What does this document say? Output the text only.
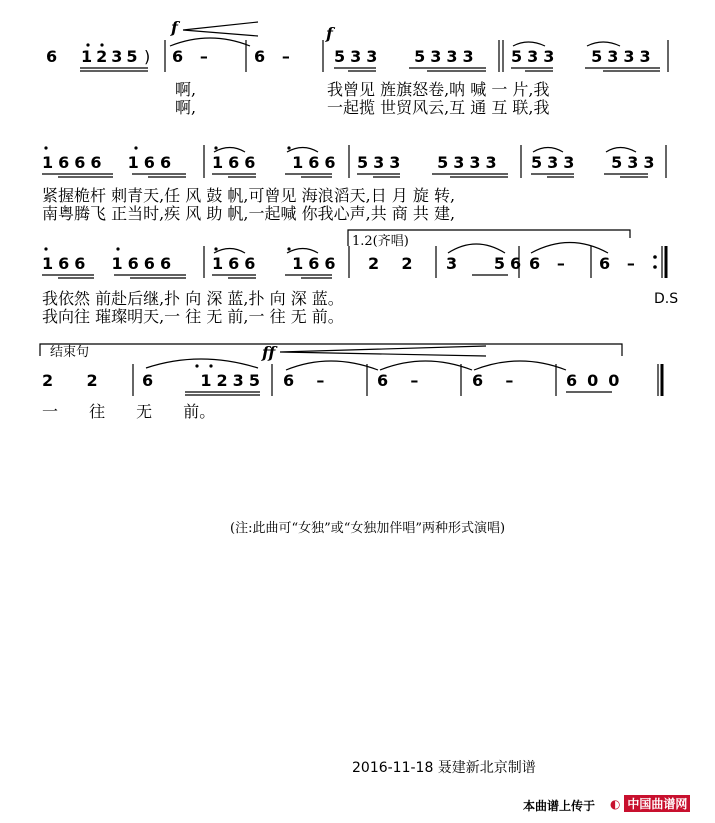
6 1235 )
f	f
6   –	6   –	533   5333 533   5333
啊,	我曾见 旌旗怒卷,呐 喊 一 片,我
啊,	一起揽 世贸风云,互 通 互 联,我
1666  166 166   166 533   5333 533   533
紧握桅杆 刺青天,任 风 鼓 帆,可曾见 海浪滔天,日 月 旋 转,
南粤腾飞 正当时,疾 风 助 帆,一起喊 你我心声,共 商 共 建,
1.2(齐唱)
166  1666 166   166 2    2 3   56 6   – 6   –
我依然 前赴后继,扑 向 深 蓝,扑 向 深 蓝。
我向往 璀璨明天,一 往 无 前,一 往 无 前。
D.S
结束句	ff
2      2	6    1235 6    –	6    –	6    –	600
一 往 无 前。
(注:此曲可“女独”或“女独加伴唱”两种形式演唱)
2016-11-18 聂建新北京制谱
本曲谱上传于 ◐ 中国曲谱网
